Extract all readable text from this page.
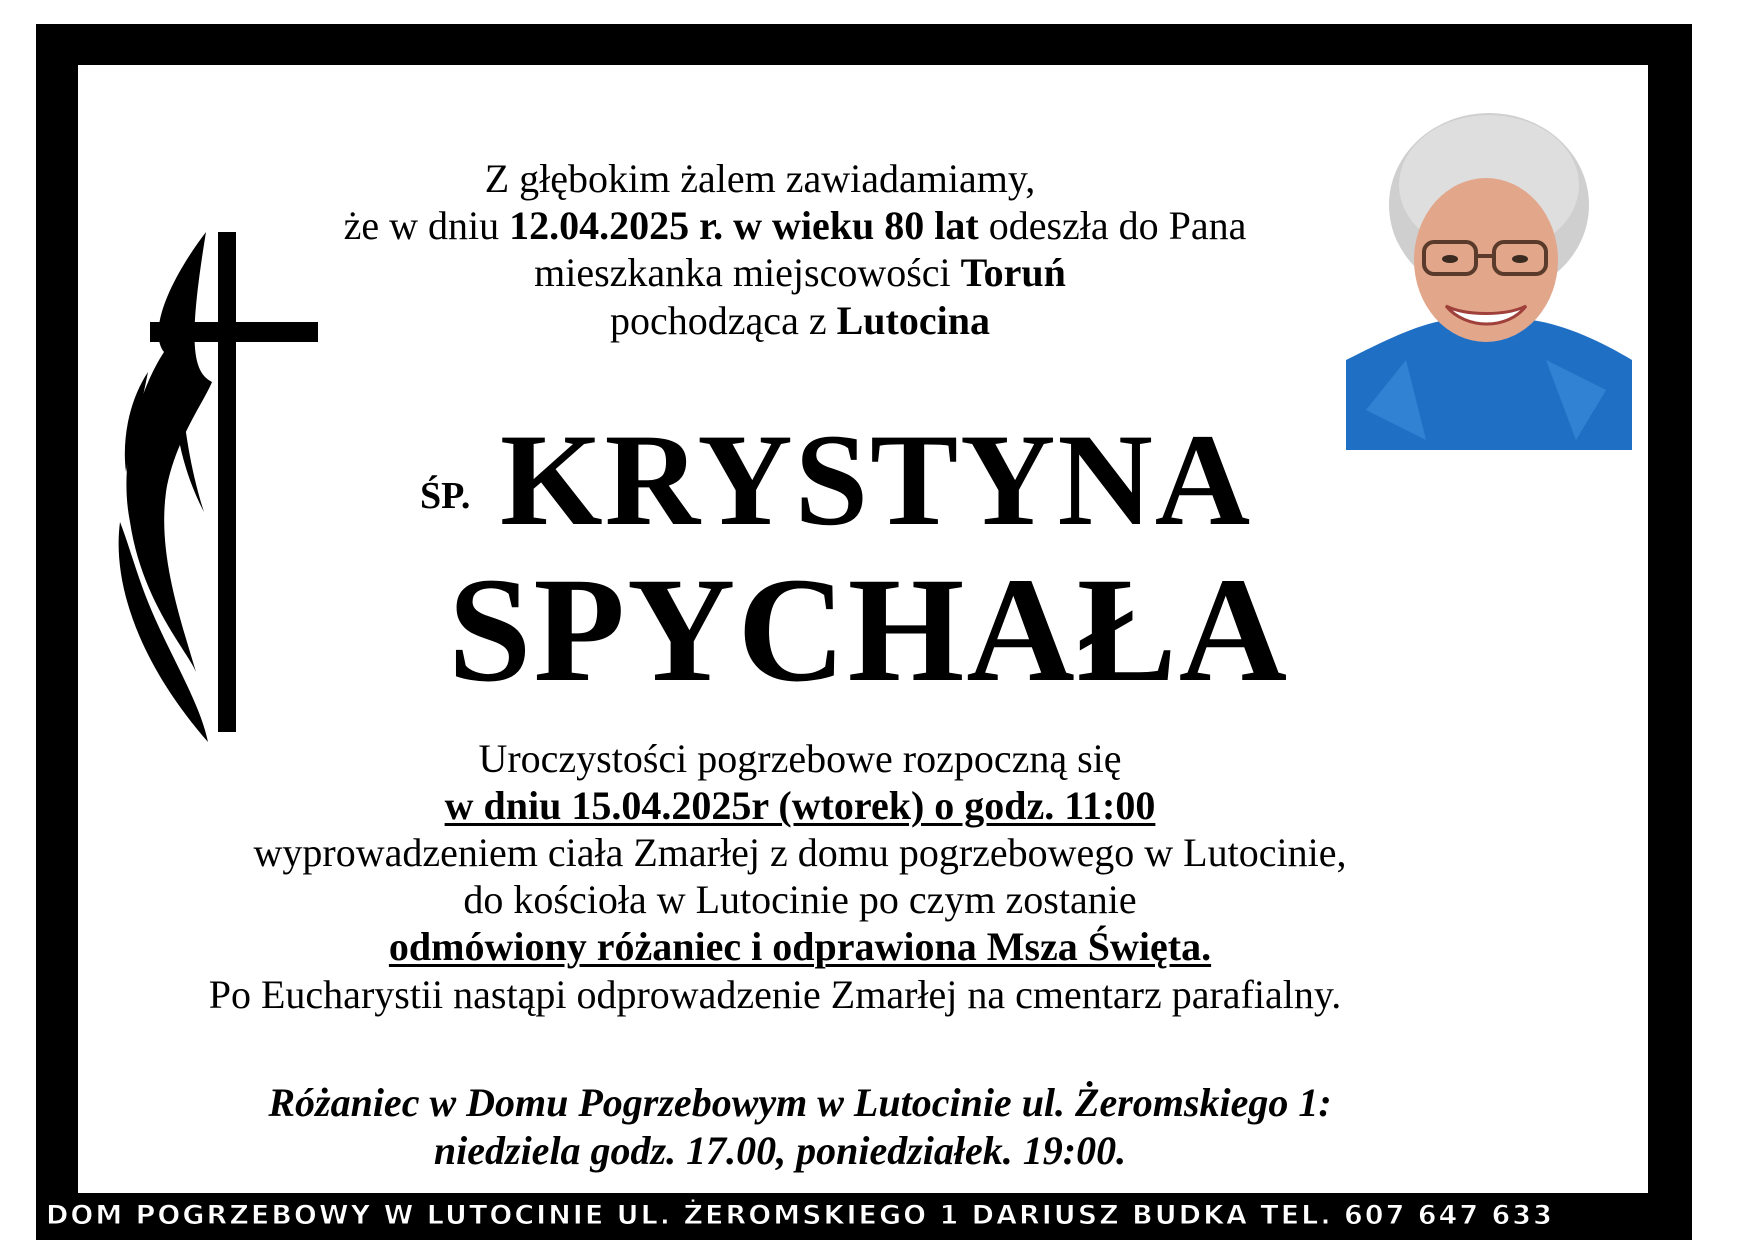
Z głębokim żalem zawiadamiamy,
że w dniu 12.04.2025 r. w wieku 80 lat odeszła do Pana
mieszkanka miejscowości Toruń
pochodząca z Lutocina
ŚP. KRYSTYNA
SPYCHAŁA
Uroczystości pogrzebowe rozpoczną się
w dniu 15.04.2025r (wtorek) o godz. 11:00
wyprowadzeniem ciała Zmarłej z domu pogrzebowego w Lutocinie,
do kościoła w Lutocinie po czym zostanie
odmówiony różaniec i odprawiona Msza Święta.
Po Eucharystii nastąpi odprowadzenie Zmarłej na cmentarz parafialny.
Różaniec w Domu Pogrzebowym w Lutocinie ul. Żeromskiego 1:
niedziela godz. 17.00, poniedziałek. 19:00.
DOM POGRZEBOWY W LUTOCINIE UL. ŻEROMSKIEGO 1 DARIUSZ BUDKA TEL. 607 647 633
